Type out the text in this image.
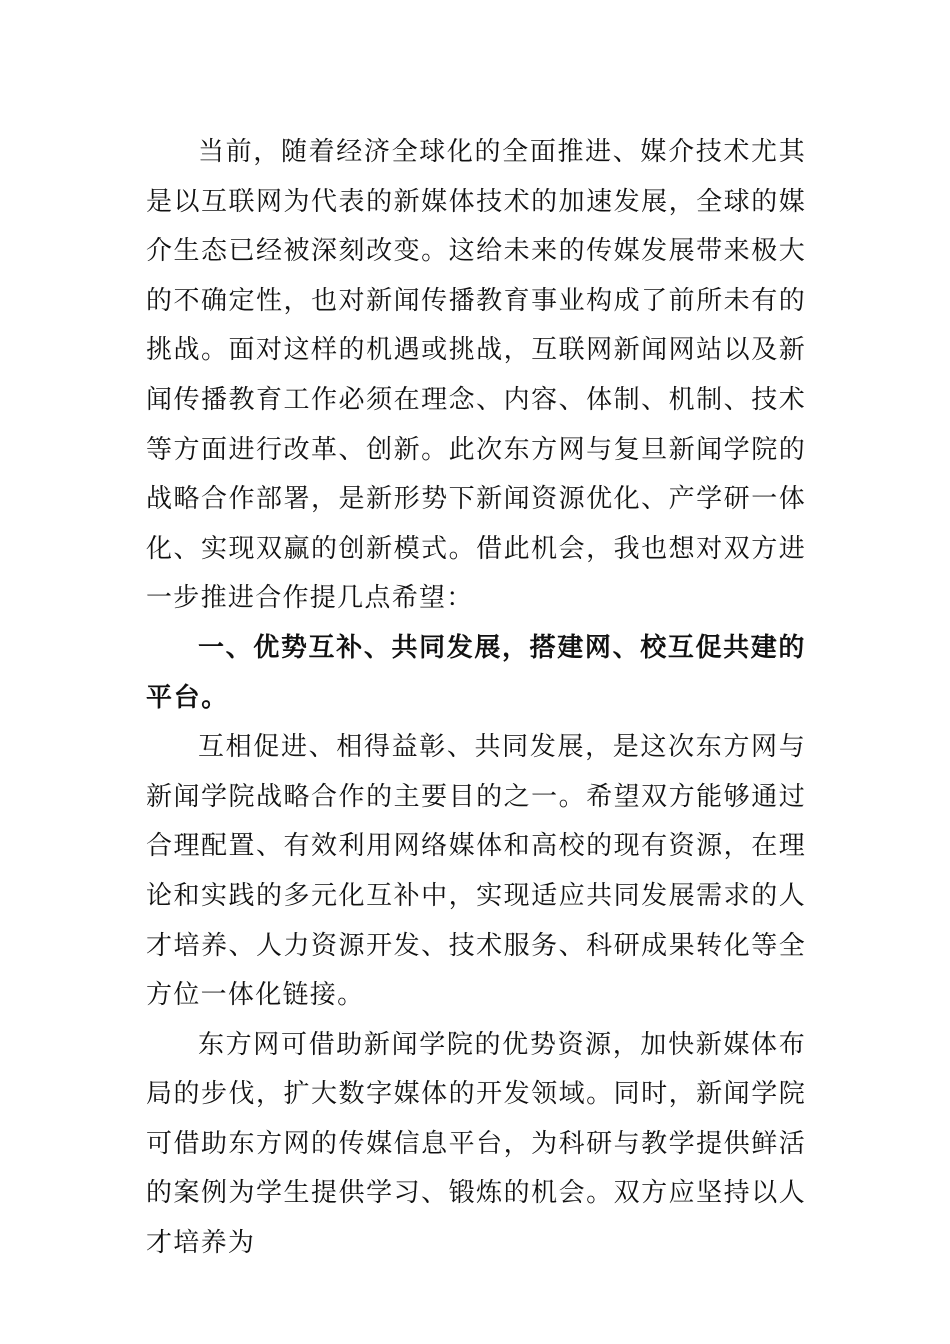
当前，随着经济全球化的全面推进、媒介技术尤其是以互联网为代表的新媒体技术的加速发展，全球的媒介生态已经被深刻改变。这给未来的传媒发展带来极大的不确定性，也对新闻传播教育事业构成了前所未有的挑战。面对这样的机遇或挑战，互联网新闻网站以及新闻传播教育工作必须在理念、内容、体制、机制、技术等方面进行改革、创新。此次东方网与复旦新闻学院的战略合作部署，是新形势下新闻资源优化、产学研一体化、实现双赢的创新模式。借此机会，我也想对双方进一步推进合作提几点希望：

一、优势互补、共同发展，搭建网、校互促共建的平台。

互相促进、相得益彰、共同发展，是这次东方网与新闻学院战略合作的主要目的之一。希望双方能够通过合理配置、有效利用网络媒体和高校的现有资源，在理论和实践的多元化互补中，实现适应共同发展需求的人才培养、人力资源开发、技术服务、科研成果转化等全方位一体化链接。

东方网可借助新闻学院的优势资源，加快新媒体布局的步伐，扩大数字媒体的开发领域。同时，新闻学院可借助东方网的传媒信息平台，为科研与教学提供鲜活的案例为学生提供学习、锻炼的机会。双方应坚持以人才培养为
